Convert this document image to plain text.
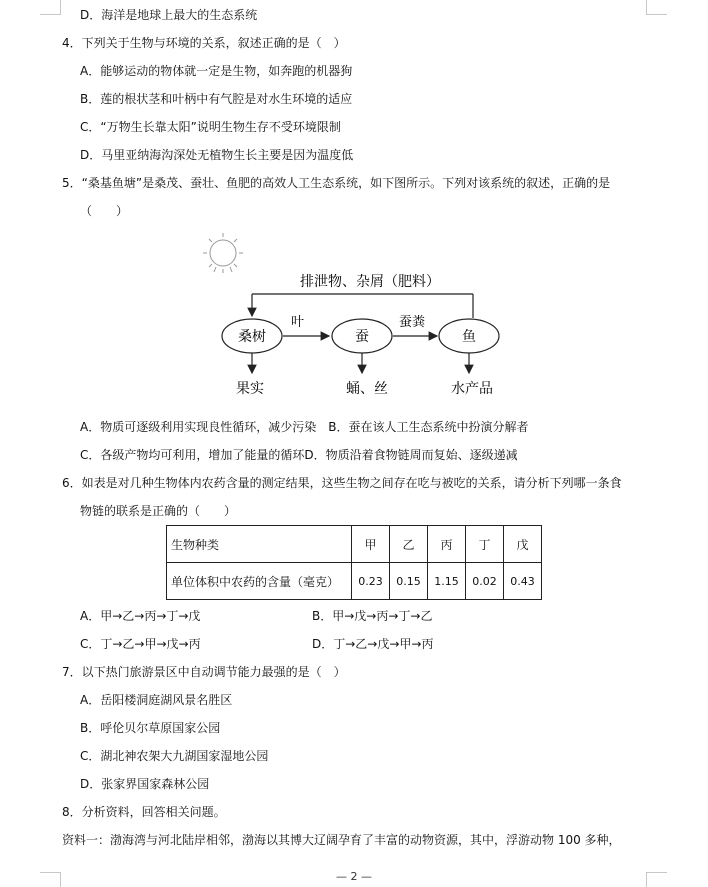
D．海洋是地球上最大的生态系统
4．下列关于生物与环境的关系，叙述正确的是（　）
A．能够运动的物体就一定是生物，如奔跑的机器狗
B．莲的根状茎和叶柄中有气腔是对水生环境的适应
C．“万物生长靠太阳”说明生物生存不受环境限制
D．马里亚纳海沟深处无植物生长主要是因为温度低
5．“桑基鱼塘”是桑茂、蚕壮、鱼肥的高效人工生态系统，如下图所示。下列对该系统的叙述，正确的是
（　　）
排泄物、杂屑（肥料）
桑树	蚕	鱼
叶	蚕粪
果实	蛹、丝	水产品
A．物质可逐级利用实现良性循环，减少污染　B．蚕在该人工生态系统中扮演分解者
C．各级产物均可利用，增加了能量的循环D．物质沿着食物链周而复始、逐级递减
6．如表是对几种生物体内农药含量的测定结果，这些生物之间存在吃与被吃的关系，请分析下列哪一条食
物链的联系是正确的（　　）
生物种类	甲	乙	丙	丁	戊
单位体积中农药的含量（毫克）	0.23	0.15	1.15	0.02	0.43
A．甲→乙→丙→丁→戊	B．甲→戊→丙→丁→乙
C．丁→乙→甲→戊→丙	D．丁→乙→戊→甲→丙
7．以下热门旅游景区中自动调节能力最强的是（　）
A．岳阳楼洞庭湖风景名胜区
B．呼伦贝尔草原国家公园
C．湖北神农架大九湖国家湿地公园
D．张家界国家森林公园
8．分析资料，回答相关问题。
资料一：渤海湾与河北陆岸相邻，渤海以其博大辽阔孕育了丰富的动物资源，其中，浮游动物 100 多种，
— 2 —
